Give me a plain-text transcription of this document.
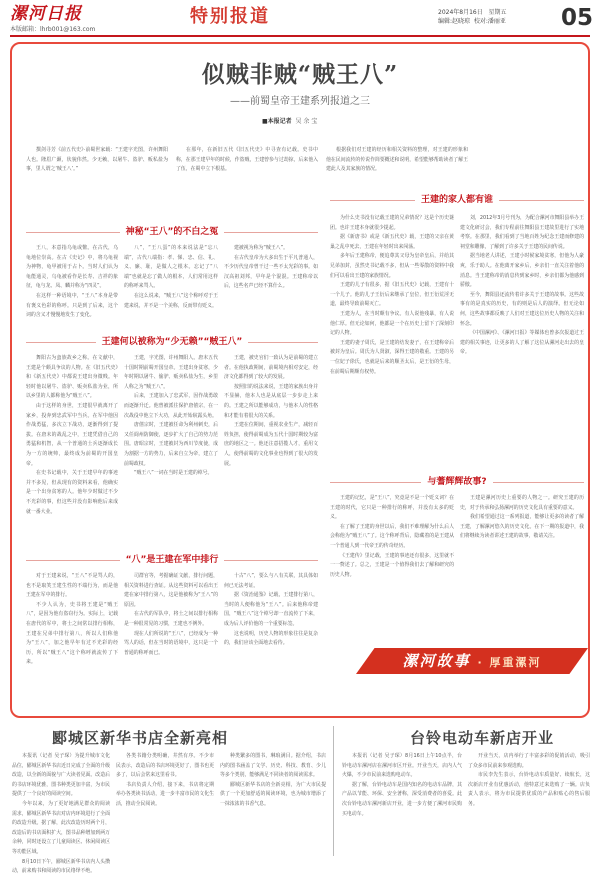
漯河日报
本版邮箱：lhrb001@163.com
特别报道	2024年8月16日 星期五
编辑:赵晓琼 校对:潘丽亚 05
似贼非贼“贼王八”
——前蜀皇帝王建系列报道之三
■本报记者 吴 余 宝

撰剑寻芳《前五代史》·前蜀世家载：“王建字光图，许州舞阳人也。隆眉广颡，状貌伟然。少无赖，以屠牛、盗驴、贩私盐为事，里人谓之‘贼王八’。”

在那年，在新旧五代《旧五代史》中寻查有记载。史书中称，在那王建早年的时候，作盗贼，王建曾参与过劫掠，后来他入了伍，在蜀中立下根基。

根据我们对王建的经历和相关资料的整理，对王建的形象和他在民间流传的传说作简要概述和说明，希望能够帮助读者了解王建此人及其家族的情况。

神秘“王八”的不白之冤

王八，本意指乌龟或鳖。在古代，乌龟地位崇高。在古《史记》中，将乌龟视为神物，龟甲被用于占卜。当时人们认为龟能通灵，乌龟被看作是长寿、吉祥的象征，龟与龙、凤、麟并称为“四灵”。

在这样一种语境中，“王八”本身是带有褒义色彩的称呼。只是到了后来，这个词的含义才慢慢地发生了变化。

八”，“王八蛋”的本来说法是“忘八端”，古代八端指：孝、悌、忠、信、礼、义、廉、耻，是做人之根本。忘记了“八端”也就是忘了做人的根本，人们常用这样的称呼来骂人。

在这么说来，“贼王八”这个称呼对于王建来说，并不是一个美称，反而带有贬义。

建被视为称为“贼王八”。

在古代皇帝为大多出生于平凡普通人，不少历代皇帝曾干过一些不太光彩的事。如汉高祖刘邦，早年是个混混。王建称帝以后，这些名声已经不算什么。

王建何以被称为“少无赖”“贼王八”

舞阳古为蛮族故乡之称。在文献中，王建是个颇具争议的人物。在《旧五代史》和《新五代史》中都说王建出身微贱。年轻时他以屠牛、盗驴、贩卖私盐为业，所以乡里的人都称他为“贼王八”。

由于这样的身世，王建很早就离开了家乡，投奔到忠武军中当兵。在军中他因作战勇猛，多次立下战功，逐渐得到了提拔。在唐末的战乱之中，王建凭借自己的勇猛和机智，从一个普通的士兵逐渐成长为一方的统帅，最终成为前蜀的开国皇帝。

在史书记载中，关于王建早年的事迹并不多见，但从现有的资料来看，他确实是一个出身贫寒的人。他年少时做过不少不光彩的事，但这些并没有影响他后来成就一番大业。

王建，字光图，许州舞阳人。唐末五代十国时期前蜀开国皇帝。王建出身贫寒，少年时期以屠牛、偷驴、贩卖私盐为生，乡里人称之为“贼王八”。

后来，王建加入了忠武军，因作战勇敢而逐渐升迁。他曾被派往保护唐僖宗，在一次战役中他立下大功，从此开始崭露头角。

唐僖宗时，王建被任命为利州刺史，后又任阆州防御使，逐步扩大了自己的势力范围。唐昭宗时，王建被封为西川节度使，成为割据一方的势力，后来自立为帝，建立了前蜀政权。

“贼王八”一词在当时是王建的绰号。

王建，被史官们一致认为是前蜀的建立者。在他执政期间，前蜀境内相对安定，经济文化都得到了较大的发展。

按照旧的说法来说，王建的家族出身并不显赫，他本人也是从底层一步步走上来的。王建之所以能够成功，与他本人的性格和才能有着很大的关系。

王建在位期间，重视农业生产，减轻百姓负担，使得前蜀成为五代十国时期较为富庶的地区之一。他还注意招揽人才，重用文人，使得前蜀的文化事业也得到了很大的发展。

“八”是王建在军中排行

对于王建来说，“王八”不是骂人的，也不是取笑王建生性的不端行为，而是他王建在军中的排行。

不少人认为，史书将王建是“贼王八”，是因为他有盗窃行为。实际上，记载在唐代的军中，将士之间常以排行相称，王建在兄弟中排行第八，所以人们称他为“王八”，加之他早年有过不光彩的经历，所以“贼王八”这个称呼就流传了下来。

司群官等，考据确证文献，排行问题，相关资料进行查证。从这些资料可以看出王建在家中排行第八，这是他被称为“王八”的原因。

在古代的军队中，将士之间以排行相称是一种很常见的习惯，王建也不例外。

现在人们所说的“王八”，已经成为一种骂人的话，但在当时的语境中，这只是一个普通的称呼而已。

十古“八”，要么与八有关联，其具体如何已无法考证。

据《资治通鉴》记载，王建排行第八，当时的人便称他为“王八”。后来他称帝建国，“贼王八”这个绰号却一直流传了下来，成为后人评价他的一个重要标签。

这也说明，历史人物的形象往往是复杂的，我们应该全面地去看待。

王建的家人都有谁

为什么史书没有记载王建的兄弟情况？这是个历史谜团。也许王建本身就很少提起。

据《新唐书》或是《新五代史》载，王建的父亲在黄巢之乱中死去，王建在年轻时出来闯荡。

多年后王建称帝，便追尊其父母为皇帝皇后，并给其兄弟加封，虽然史书记载不多，但从一些零散的资料中我们可以看出王建的家族情况。

王建的儿子有很多，据《旧五代史》记载，王建有十一个儿子。他的儿子王衍后来继承了皇位，但王衍荒淫无道，最终导致前蜀灭亡。

王建为人，在当时颇有争议。有人说他残暴，有人说他仁厚。但无论如何，他都是一个在历史上留下了深刻印记的人物。

王建的妻子周氏，是王建的结发妻子，在王建称帝后被封为皇后。周氏为人贤淑，深得王建的敬重。王建的另一位妃子徐氏，也就是后来的顺圣太后，是王衍的生母，在前蜀后期颇有权势。

刘，2012年3月号刊为，为配合漯河市舞阳县举办王建文化研讨会，我们专程前往舞阳县王建故里进行了实地考察。在那里，我们看到了当地百姓为纪念王建而修建的祠堂和雕像，了解到了许多关于王建的民间传说。

据当地老人讲述，王建小时候家境贫寒，但他为人豪爽，乐于助人。在他离开家乡后，乡亲们一直关注着他的消息。当王建称帝的消息传到家乡时，乡亲们都为他感到骄傲。

至今，舞阳县还流传着许多关于王建的故事。这些故事有的是真实的历史，有的则是后人的演绎。但无论如何，这些故事都反映了人们对王建这位历史人物的关注和怀念。

《中国漯河》、《漯河日报》等媒体也曾多次报道过王建的相关事迹，让更多的人了解了这位从漯河走出去的皇帝。

与蓍辉辉故事?

王建的记忆，是“王八”，究竟是不是一个贬义词？在王建的时代，它只是一种排行的称呼，并没有太多的贬义。

在了解了王建的身世以后，我们不难理解为什么后人会称他为“贼王八”了。这个称呼背后，隐藏着的是王建从一个普通人到一代帝王的传奇经历。

《王建传》里记载，王建的事迹还有很多，这里就不一一赘述了。总之，王建是一个值得我们去了解和研究的历史人物。

王建是漯河历史上重要的人物之一。研究王建的历史，对于传承和弘扬漯河的历史文化具有重要的意义。

我们希望通过这一系列报道，能够让更多的读者了解王建，了解漯河悠久的历史文化。在下一期的报道中，我们将继续为读者讲述王建的故事，敬请关注。

漯河故事 · 厚重漯河
郾城区新华书店全新亮相

本报讯（记者 吴子琛）为提升城市文化品位，郾城区新华书店近日完成了全面的升级改造，以全新的面貌与广大读者见面。改造后的书店环境优雅，图书种类更加丰富，为市民提供了一个良好的阅读空间。

今年以来，为了更好地满足群众的阅读需求，郾城区新华书店对店内环境进行了全面的改造升级。据了解，此次改造历时两个月，改造后的书店面积扩大，图书品种增加到两万余种，同时还设立了儿童阅读区、休闲阅读区等功能区域。

8月10日下午，郾城区新华书店内人头攒动，前来购书和阅读的市民络绎不绝。

各类书籍分类明确，井然有序。不少市民表示，改造后的书店环境更好了，图书也更多了，以后会常来这里看书。

书店负责人介绍，接下来，书店将定期举办各类读书活动，进一步丰富市民的文化生活，推动全民阅读。

种类繁多的图书，琳琅满目。据介绍，书店内的图书涵盖了文学、历史、科技、教育、少儿等多个类别，能够满足不同读者的阅读需求。

郾城区新华书店的全新亮相，为广大市民提供了一个更加舒适的阅读环境，也为城市增添了一抹浓浓的书香气息。

台铃电动车新店开业

本报讯（记者 吴子琛）8月16日上午10点半，台铃电动车漯河店在漯河市区开业。开业当天，店内人气火爆，不少市民前来选购电动车。

据了解，台铃电动车是国内知名的电动车品牌，其产品以节能、环保、安全著称，深受消费者的喜爱。此次台铃电动车漯河新店开业，进一步方便了漯河市民购买电动车。

开业当天，店内举行了丰富多彩的促销活动，吸引了众多市民前来参观选购。

市民李先生表示，台铃电动车质量好、续航长，这次新店开业有优惠活动，他特意过来选购了一辆。店负责人表示，将为市民提供优质的产品和贴心的售后服务。
